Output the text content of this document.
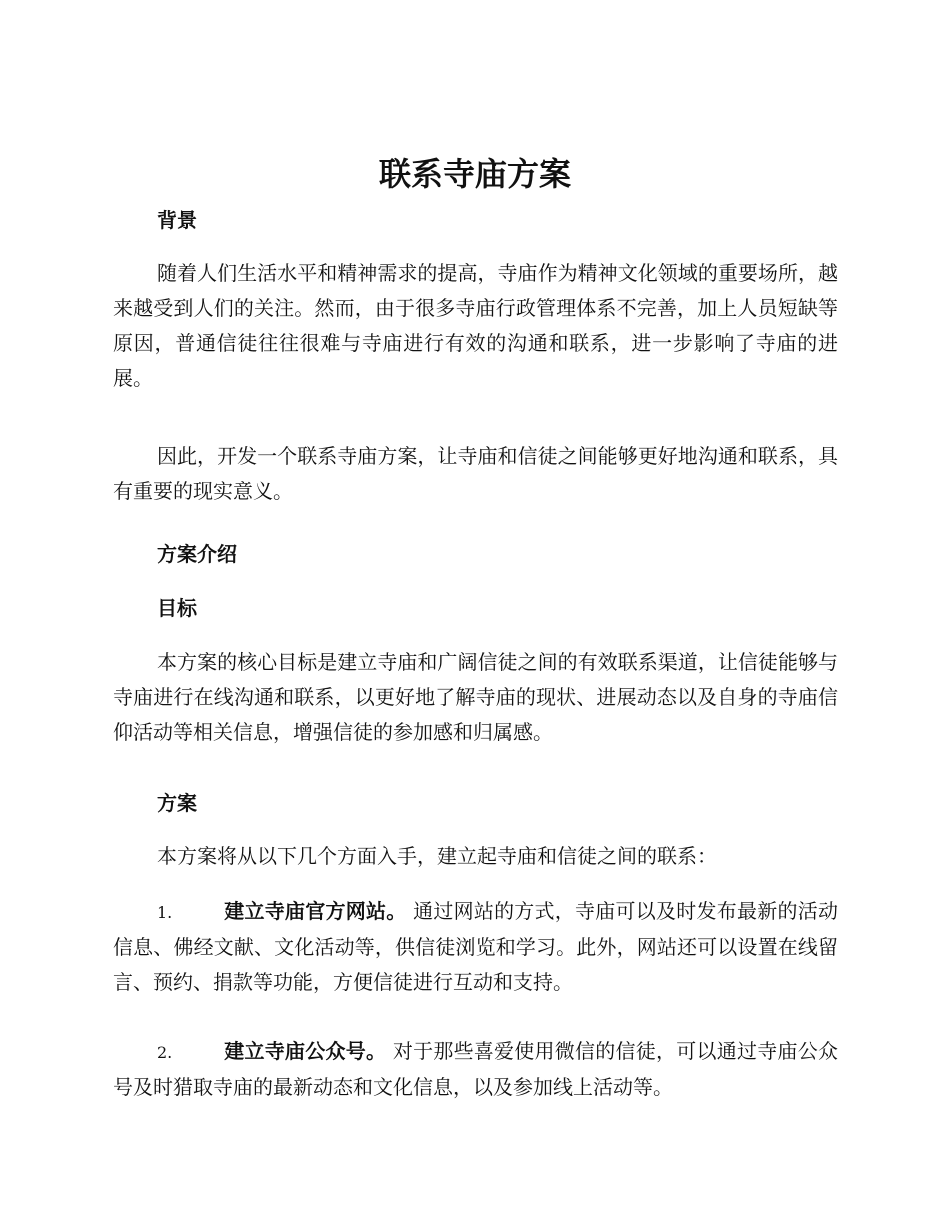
联系寺庙方案
背景

随着人们生活水平和精神需求的提高，寺庙作为精神文化领域的重要场所，越来越受到人们的关注。然而，由于很多寺庙行政管理体系不完善，加上人员短缺等原因，普通信徒往往很难与寺庙进行有效的沟通和联系，进一步影响了寺庙的进展。

因此，开发一个联系寺庙方案，让寺庙和信徒之间能够更好地沟通和联系，具有重要的现实意义。

方案介绍
目标

本方案的核心目标是建立寺庙和广阔信徒之间的有效联系渠道，让信徒能够与寺庙进行在线沟通和联系，以更好地了解寺庙的现状、进展动态以及自身的寺庙信仰活动等相关信息，增强信徒的参加感和归属感。

方案

本方案将从以下几个方面入手，建立起寺庙和信徒之间的联系：

1.	建立寺庙官方网站。 通过网站的方式，寺庙可以及时发布最新的活动信息、佛经文献、文化活动等，供信徒浏览和学习。此外，网站还可以设置在线留言、预约、捐款等功能，方便信徒进行互动和支持。

2.	建立寺庙公众号。 对于那些喜爱使用微信的信徒，可以通过寺庙公众号及时猎取寺庙的最新动态和文化信息，以及参加线上活动等。
